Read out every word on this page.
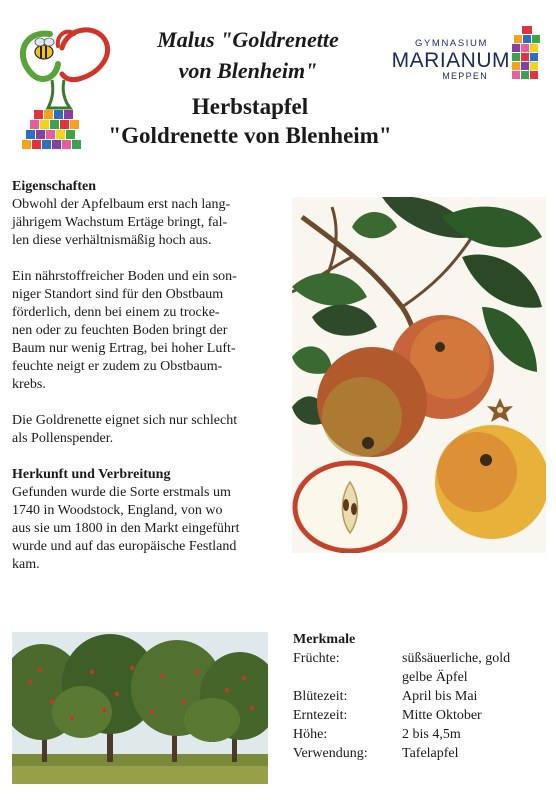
Malus "Goldrenette
von Blenheim"
Herbstapfel
"Goldrenette von Blenheim"
GYMNASIUM
MARIANUM
MEPPEN
Eigenschaften

Obwohl der Apfelbaum erst nach lang-
jährigem Wachstum Ertäge bringt, fal-
len diese verhältnismäßig hoch aus.

Ein nährstoffreicher Boden und ein son-
niger Standort sind für den Obstbaum
förderlich, denn bei einem zu trocke-
nen oder zu feuchten Boden bringt der
Baum nur wenig Ertrag, bei hoher Luft-
feuchte neigt er zudem zu Obstbaum-
krebs.

Die Goldrenette eignet sich nur schlecht
als Pollenspender.

Herkunft und Verbreitung

Gefunden wurde die Sorte erstmals um
1740 in Woodstock, England, von wo
aus sie um 1800 in den Markt eingeführt
wurde und auf das europäische Festland
kam.

Merkmale
Früchte:	süßsäuerliche, gold
gelbe Äpfel
Blütezeit:	April bis Mai
Erntezeit:	Mitte Oktober
Höhe:	2 bis 4,5m
Verwendung:	Tafelapfel
